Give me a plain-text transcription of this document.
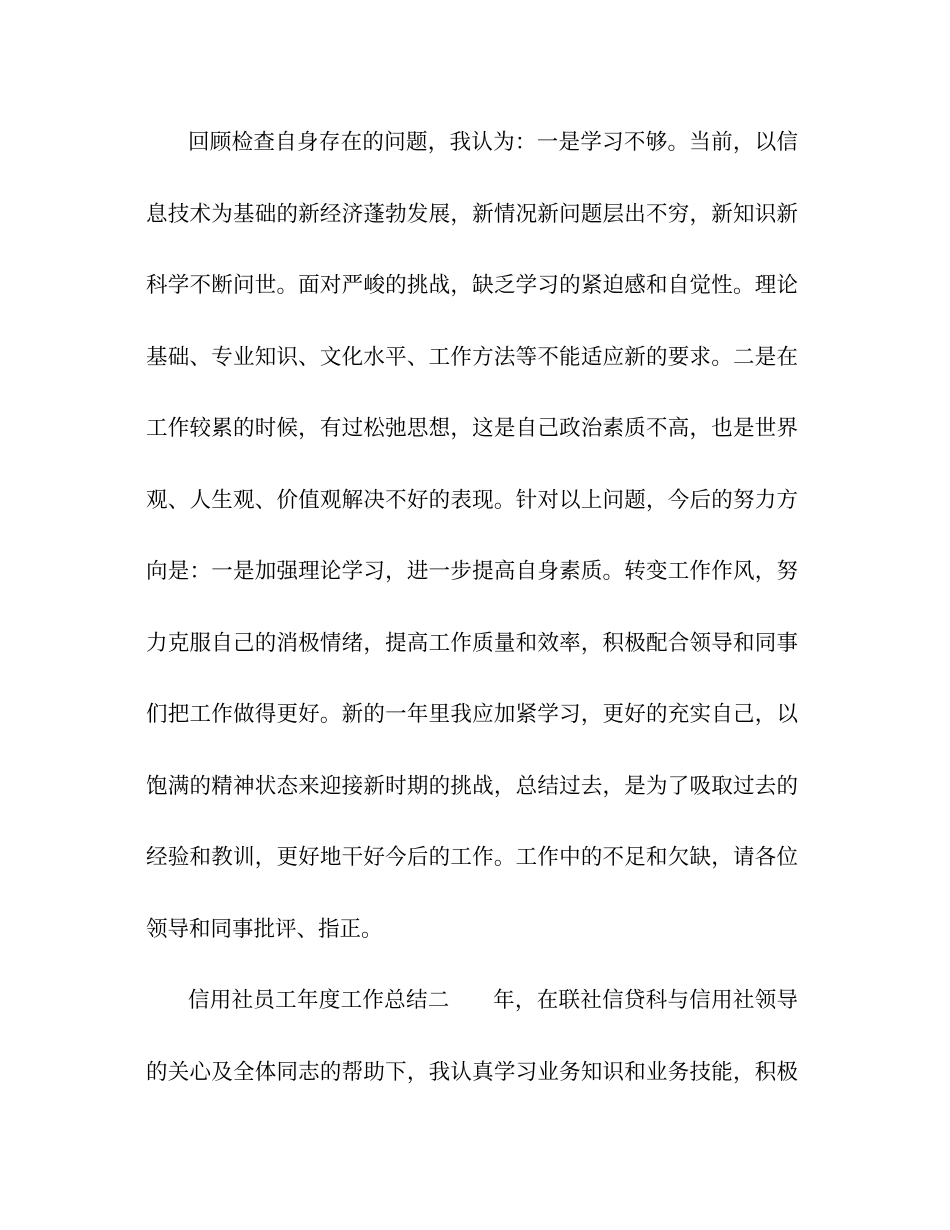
回顾检查自身存在的问题，我认为：一是学习不够。当前，以信
息技术为基础的新经济蓬勃发展，新情况新问题层出不穷，新知识新
科学不断问世。面对严峻的挑战，缺乏学习的紧迫感和自觉性。理论
基础、专业知识、文化水平、工作方法等不能适应新的要求。二是在
工作较累的时候，有过松弛思想，这是自己政治素质不高，也是世界
观、人生观、价值观解决不好的表现。针对以上问题，今后的努力方
向是：一是加强理论学习，进一步提高自身素质。转变工作作风，努
力克服自己的消极情绪，提高工作质量和效率，积极配合领导和同事
们把工作做得更好。新的一年里我应加紧学习，更好的充实自己，以
饱满的精神状态来迎接新时期的挑战，总结过去，是为了吸取过去的
经验和教训，更好地干好今后的工作。工作中的不足和欠缺，请各位
领导和同事批评、指正。
信用社员工年度工作总结二　　年，在联社信贷科与信用社领导
的关心及全体同志的帮助下，我认真学习业务知识和业务技能，积极
